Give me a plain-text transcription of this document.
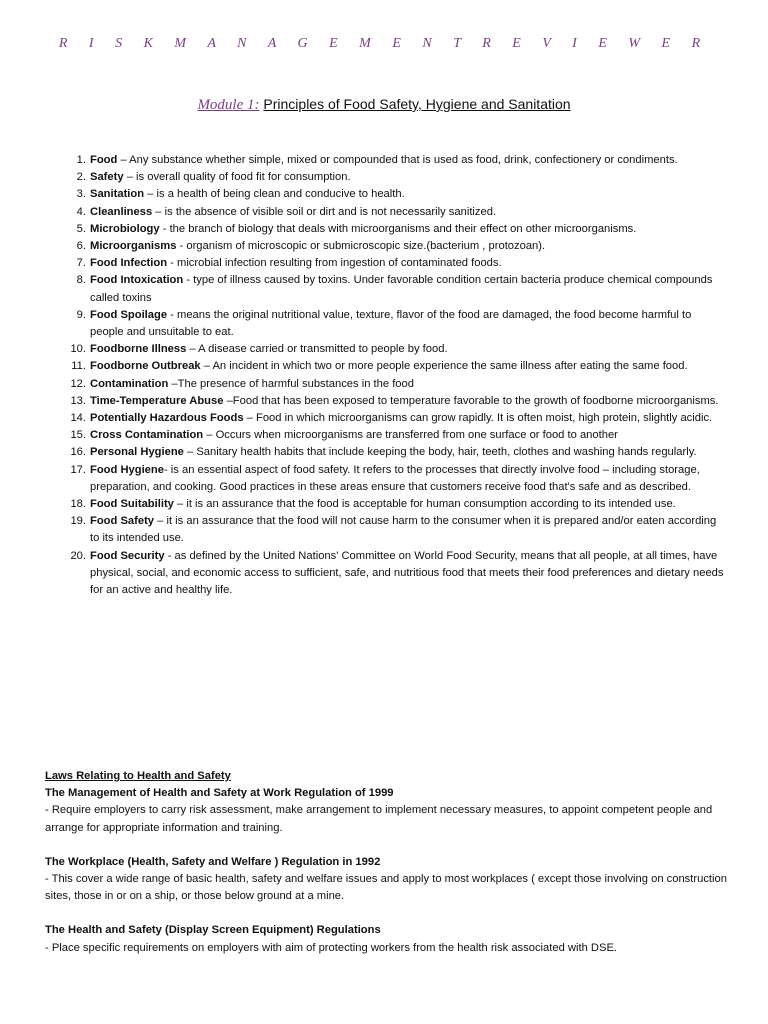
R I S K M A N A G E M E N T R E V I E W E R
Module 1: Principles of Food Safety, Hygiene and Sanitation
1. Food – Any substance whether simple, mixed or compounded that is used as food, drink, confectionery or condiments.
2. Safety – is overall quality of food fit for consumption.
3. Sanitation – is a health of being clean and conducive to health.
4. Cleanliness – is the absence of visible soil or dirt and is not necessarily sanitized.
5. Microbiology - the branch of biology that deals with microorganisms and their effect on other microorganisms.
6. Microorganisms - organism of microscopic or submicroscopic size.(bacterium , protozoan).
7. Food Infection - microbial infection resulting from ingestion of contaminated foods.
8. Food Intoxication - type of illness caused by toxins. Under favorable condition certain bacteria produce chemical compounds called toxins
9. Food Spoilage - means the original nutritional value, texture, flavor of the food are damaged, the food become harmful to people and unsuitable to eat.
10. Foodborne Illness – A disease carried or transmitted to people by food.
11. Foodborne Outbreak – An incident in which two or more people experience the same illness after eating the same food.
12. Contamination –The presence of harmful substances in the food
13. Time-Temperature Abuse –Food that has been exposed to temperature favorable to the growth of foodborne microorganisms.
14. Potentially Hazardous Foods – Food in which microorganisms can grow rapidly. It is often moist, high protein, slightly acidic.
15. Cross Contamination – Occurs when microorganisms are transferred from one surface or food to another
16. Personal Hygiene – Sanitary health habits that include keeping the body, hair, teeth, clothes and washing hands regularly.
17. Food Hygiene- is an essential aspect of food safety. It refers to the processes that directly involve food – including storage, preparation, and cooking. Good practices in these areas ensure that customers receive food that's safe and as described.
18. Food Suitability – it is an assurance that the food is acceptable for human consumption according to its intended use.
19. Food Safety – it is an assurance that the food will not cause harm to the consumer when it is prepared and/or eaten according to its intended use.
20. Food Security - as defined by the United Nations' Committee on World Food Security, means that all people, at all times, have physical, social, and economic access to sufficient, safe, and nutritious food that meets their food preferences and dietary needs for an active and healthy life.
Laws Relating to Health and Safety
The Management of Health and Safety at Work Regulation of 1999

- Require employers to carry risk assessment, make arrangement to implement necessary measures, to appoint competent people and arrange for appropriate information and training.

The Workplace (Health, Safety and Welfare ) Regulation in 1992

- This cover a wide range of basic health, safety and welfare issues and apply to most workplaces ( except those involving on construction sites, those in or on a ship, or those below ground at a mine.

The Health and Safety (Display Screen Equipment) Regulations

- Place specific requirements on employers with aim of protecting workers from the health risk associated with DSE.
